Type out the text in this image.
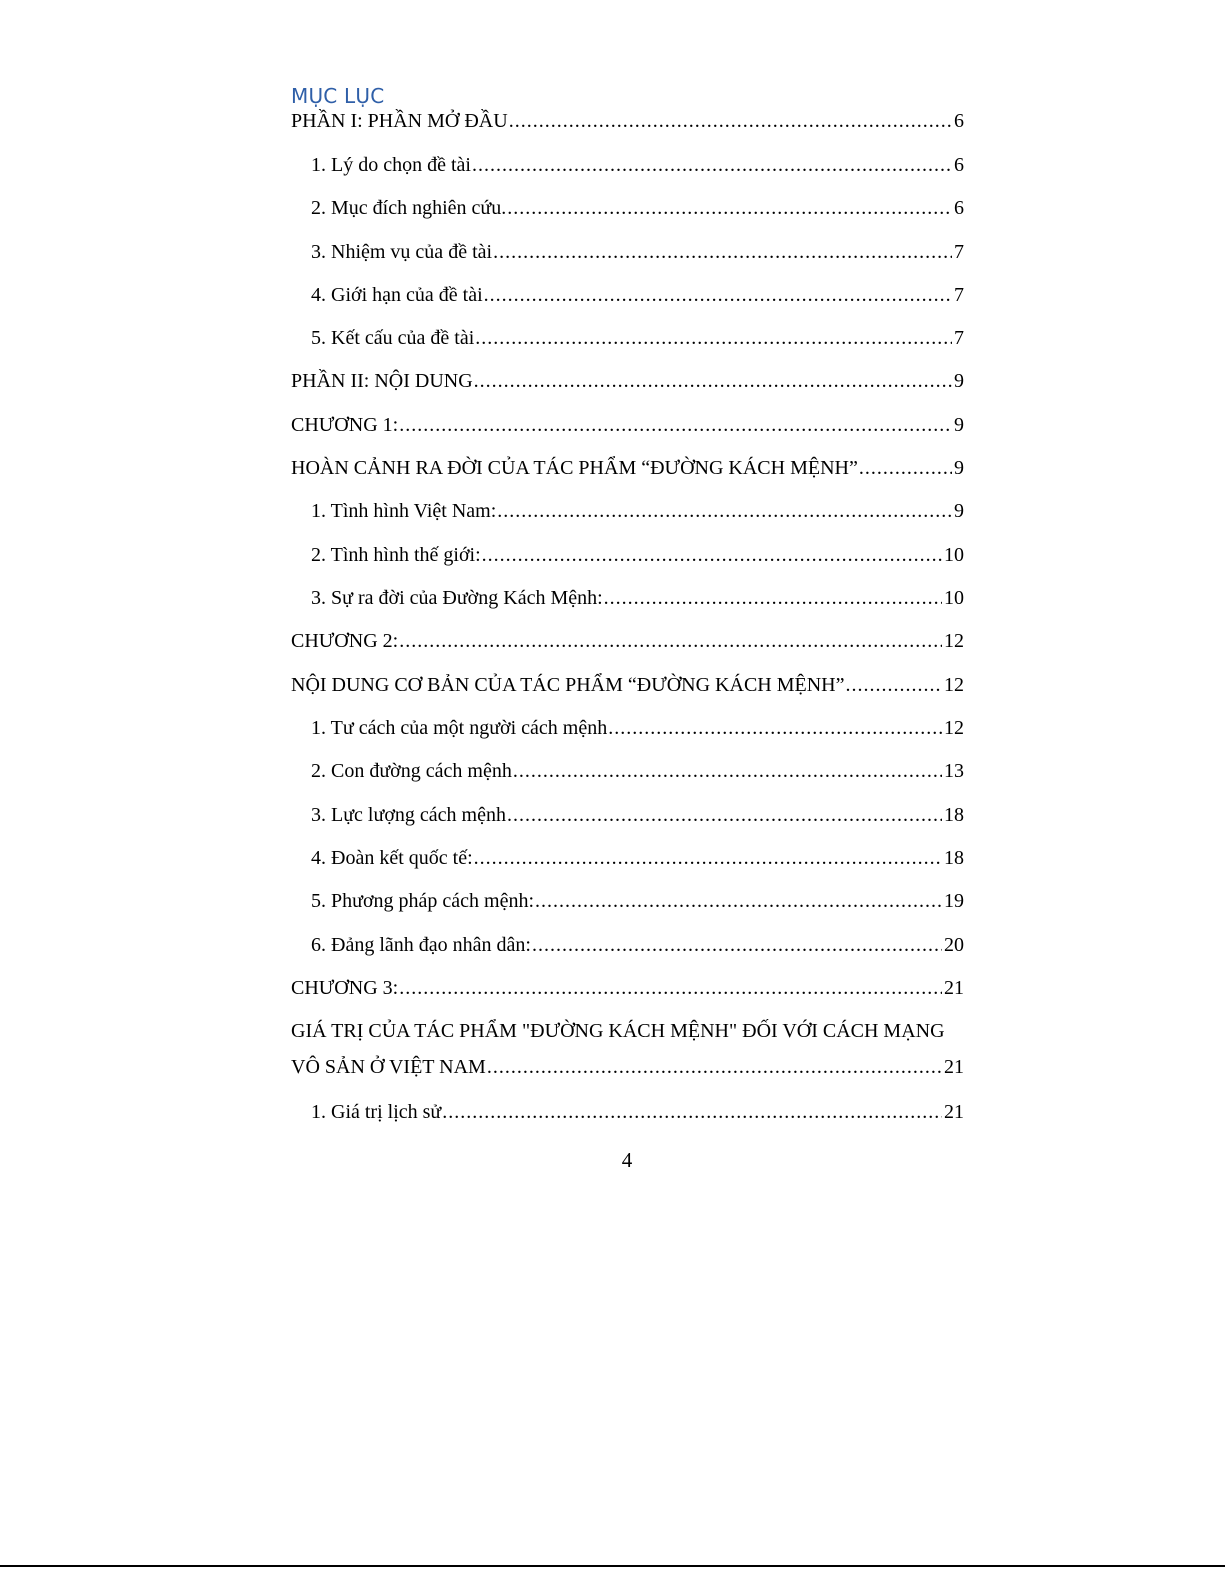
MỤC LỤC
PHẦN I: PHẦN MỞ ĐẦU .....	6
1. Lý do chọn đề tài .....	6
2. Mục đích nghiên cứu. .....	6
3. Nhiệm vụ của đề tài .....	7
4. Giới hạn của đề tài .....	7
5. Kết cấu của đề tài .....	7
PHẦN II: NỘI DUNG .....	9
CHƯƠNG 1: .....	9
HOÀN CẢNH RA ĐỜI CỦA TÁC PHẨM “ĐƯỜNG KÁCH MỆNH” .....	9
1. Tình hình Việt Nam: .....	9
2. Tình hình thế giới: .....	10
3. Sự ra đời của Đường Kách Mệnh: .....	10
CHƯƠNG 2: .....	12
NỘI DUNG CƠ BẢN CỦA TÁC PHẨM “ĐƯỜNG KÁCH MỆNH” .....	12
1. Tư cách của một người cách mệnh .....	12
2. Con đường cách mệnh .....	13
3. Lực lượng cách mệnh .....	18
4. Đoàn kết quốc tế: .....	18
5. Phương pháp cách mệnh: .....	19
6. Đảng lãnh đạo nhân dân: .....	20
CHƯƠNG 3: .....	21
GIÁ TRỊ CỦA TÁC PHẨM "ĐƯỜNG KÁCH MỆNH" ĐỐI VỚI CÁCH MẠNG
VÔ SẢN Ở VIỆT NAM .....	21
1. Giá trị lịch sử .....	21
4
